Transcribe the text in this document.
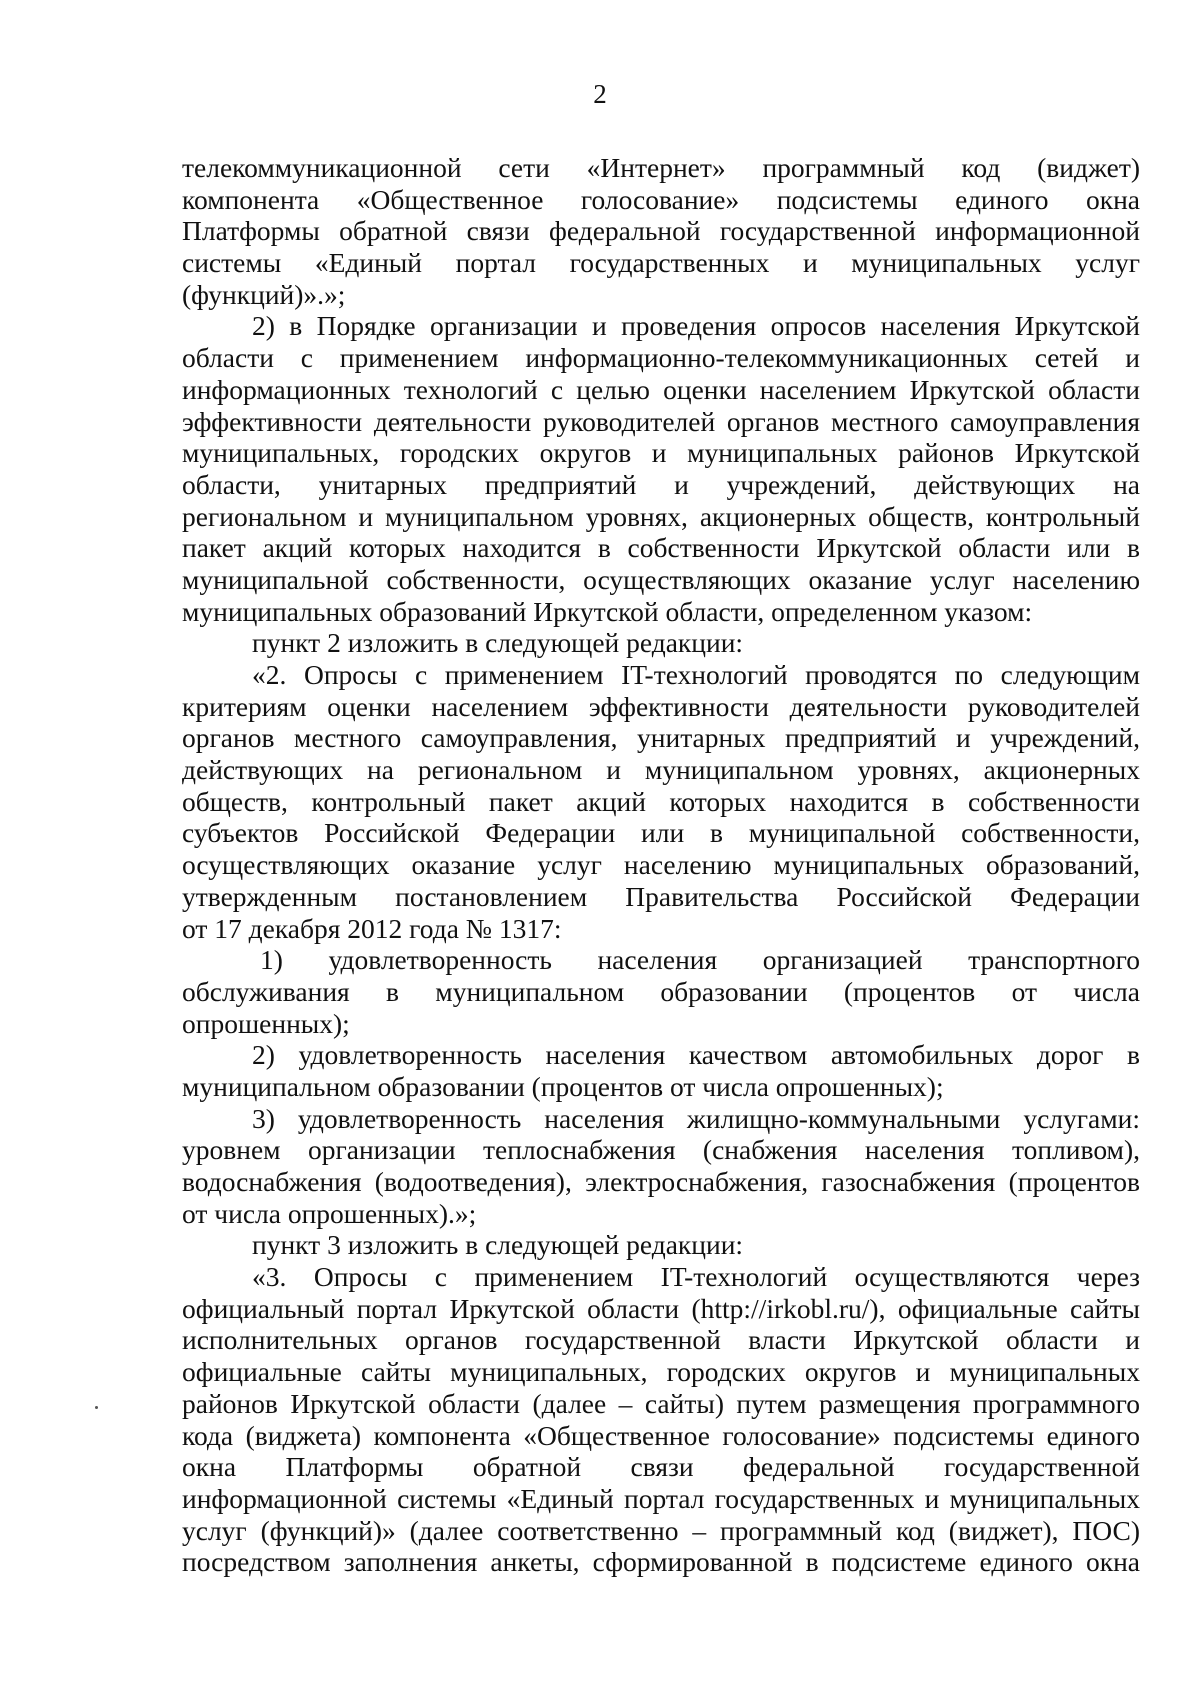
2
телекоммуникационной сети «Интернет» программный код (виджет)
компонента «Общественное голосование» подсистемы единого окна
Платформы обратной связи федеральной государственной информационной
системы «Единый портал государственных и муниципальных услуг
(функций)».»;
2) в Порядке организации и проведения опросов населения Иркутской
области с применением информационно-телекоммуникационных сетей и
информационных технологий с целью оценки населением Иркутской области
эффективности деятельности руководителей органов местного самоуправления
муниципальных, городских округов и муниципальных районов Иркутской
области, унитарных предприятий и учреждений, действующих на
региональном и муниципальном уровнях, акционерных обществ, контрольный
пакет акций которых находится в собственности Иркутской области или в
муниципальной собственности, осуществляющих оказание услуг населению
муниципальных образований Иркутской области, определенном указом:
пункт 2 изложить в следующей редакции:
«2. Опросы с применением IT-технологий проводятся по следующим
критериям оценки населением эффективности деятельности руководителей
органов местного самоуправления, унитарных предприятий и учреждений,
действующих на региональном и муниципальном уровнях, акционерных
обществ, контрольный пакет акций которых находится в собственности
субъектов Российской Федерации или в муниципальной собственности,
осуществляющих оказание услуг населению муниципальных образований,
утвержденным постановлением Правительства Российской Федерации
от 17 декабря 2012 года № 1317:
1) удовлетворенность населения организацией транспортного
обслуживания в муниципальном образовании (процентов от числа
опрошенных);
2) удовлетворенность населения качеством автомобильных дорог в
муниципальном образовании (процентов от числа опрошенных);
3) удовлетворенность населения жилищно-коммунальными услугами:
уровнем организации теплоснабжения (снабжения населения топливом),
водоснабжения (водоотведения), электроснабжения, газоснабжения (процентов
от числа опрошенных).»;
пункт 3 изложить в следующей редакции:
«3. Опросы с применением IT-технологий осуществляются через
официальный портал Иркутской области (http://irkobl.ru/), официальные сайты
исполнительных органов государственной власти Иркутской области и
официальные сайты муниципальных, городских округов и муниципальных
районов Иркутской области (далее – сайты) путем размещения программного
кода (виджета) компонента «Общественное голосование» подсистемы единого
окна Платформы обратной связи федеральной государственной
информационной системы «Единый портал государственных и муниципальных
услуг (функций)» (далее соответственно – программный код (виджет), ПОС)
посредством заполнения анкеты, сформированной в подсистеме единого окна
